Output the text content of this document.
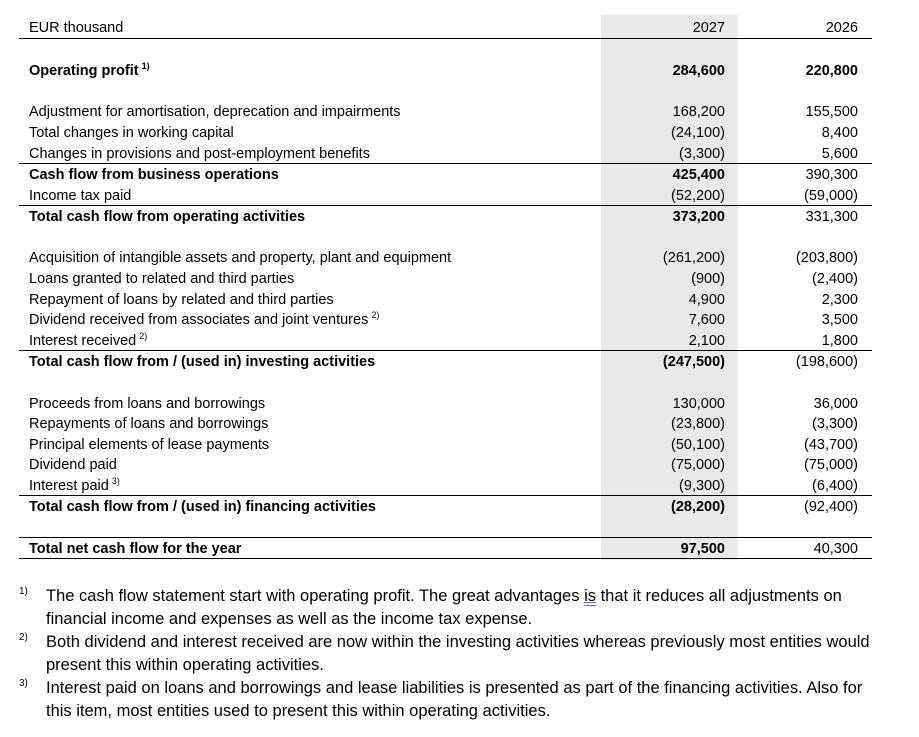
EUR thousand	2027	2026
Operating profit $^{1)}$	284,600	220,800
Adjustment for amortisation, deprecation and impairments	168,200	155,500
Total changes in working capital	(24,100)	8,400
Changes in provisions and post-employment benefits	(3,300)	5,600
Cash flow from business operations	425,400	390,300
Income tax paid	(52,200)	(59,000)
Total cash flow from operating activities	373,200	331,300
Acquisition of intangible assets and property, plant and equipment	(261,200)	(203,800)
Loans granted to related and third parties	(900)	(2,400)
Repayment of loans by related and third parties	4,900	2,300
Dividend received from associates and joint ventures $^{2)}$	7,600	3,500
Interest received $^{2)}$	2,100	1,800
Total cash flow from / (used in) investing activities	(247,500)	(198,600)
Proceeds from loans and borrowings	130,000	36,000
Repayments of loans and borrowings	(23,800)	(3,300)
Principal elements of lease payments	(50,100)	(43,700)
Dividend paid	(75,000)	(75,000)
Interest paid $^{3)}$	(9,300)	(6,400)
Total cash flow from / (used in) financing activities	(28,200)	(92,400)
Total net cash flow for the year	97,500	40,300
1) The cash flow statement start with operating profit. The great advantages is that it reduces all adjustments on financial income and expenses as well as the income tax expense.
2) Both dividend and interest received are now within the investing activities whereas previously most entities would present this within operating activities.
3) Interest paid on loans and borrowings and lease liabilities is presented as part of the financing activities. Also for this item, most entities used to present this within operating activities.
